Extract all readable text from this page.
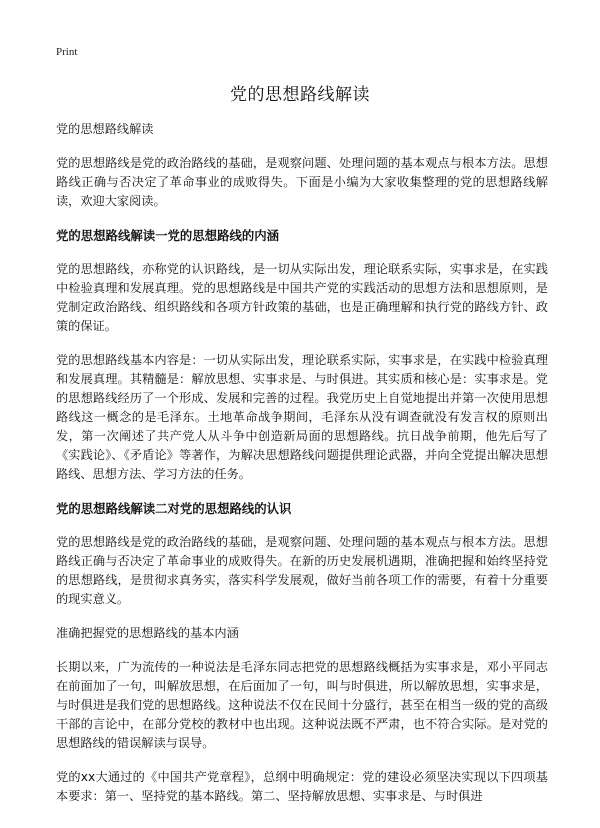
Print
党的思想路线解读
党的思想路线解读
党的思想路线是党的政治路线的基础，是观察问题、处理问题的基本观点与根本方法。思想路线正确与否决定了革命事业的成败得失。下面是小编为大家收集整理的党的思想路线解读，欢迎大家阅读。
党的思想路线解读一党的思想路线的内涵
党的思想路线，亦称党的认识路线，是一切从实际出发，理论联系实际，实事求是，在实践中检验真理和发展真理。党的思想路线是中国共产党的实践活动的思想方法和思想原则，是党制定政治路线、组织路线和各项方针政策的基础，也是正确理解和执行党的路线方针、政策的保证。
党的思想路线基本内容是：一切从实际出发，理论联系实际，实事求是，在实践中检验真理和发展真理。其精髓是：解放思想、实事求是、与时俱进。其实质和核心是：实事求是。党的思想路线经历了一个形成、发展和完善的过程。我党历史上自觉地提出并第一次使用思想路线这一概念的是毛泽东。土地革命战争期间，毛泽东从没有调查就没有发言权的原则出发，第一次阐述了共产党人从斗争中创造新局面的思想路线。抗日战争前期，他先后写了《实践论》、《矛盾论》等著作，为解决思想路线问题提供理论武器，并向全党提出解决思想路线、思想方法、学习方法的任务。
党的思想路线解读二对党的思想路线的认识
党的思想路线是党的政治路线的基础，是观察问题、处理问题的基本观点与根本方法。思想路线正确与否决定了革命事业的成败得失。在新的历史发展机遇期，准确把握和始终坚持党的思想路线，是贯彻求真务实，落实科学发展观，做好当前各项工作的需要，有着十分重要的现实意义。
准确把握党的思想路线的基本内涵
长期以来，广为流传的一种说法是毛泽东同志把党的思想路线概括为实事求是，邓小平同志在前面加了一句，叫解放思想，在后面加了一句，叫与时俱进，所以解放思想，实事求是，与时俱进是我们党的思想路线。这种说法不仅在民间十分盛行，甚至在相当一级的党的高级干部的言论中，在部分党校的教材中也出现。这种说法既不严肃，也不符合实际。是对党的思想路线的错误解读与误导。
党的xx大通过的《中国共产党章程》，总纲中明确规定：党的建设必须坚决实现以下四项基本要求：第一、坚持党的基本路线。第二、坚持解放思想、实事求是、与时俱进
